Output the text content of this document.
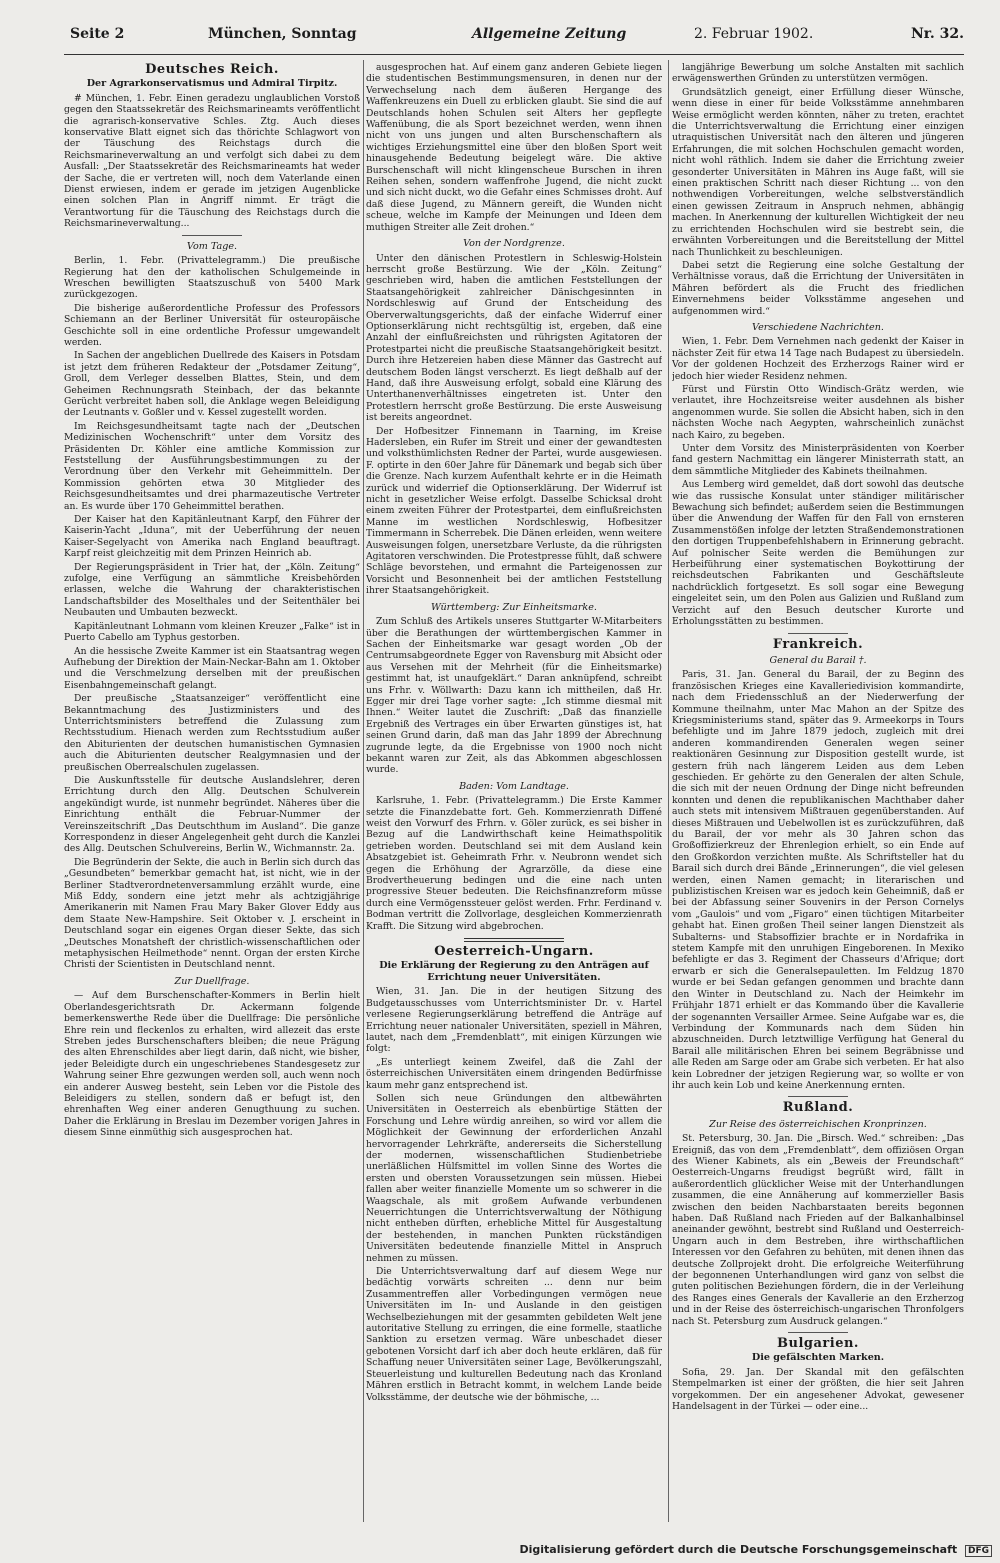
Seite 2	München, Sonntag	Allgemeine Zeitung	2. Februar 1902.	Nr. 32.
Deutsches Reich.
Der Agrarkonservatismus und Admiral Tirpitz.

# München, 1. Febr. Einen geradezu unglaublichen Vorstoß gegen den Staatssekretär des Reichsmarineamts veröffentlicht die agrarisch-konservative Schles. Ztg. Auch dieses konservative Blatt eignet sich das thörichte Schlagwort von der Täuschung des Reichstags durch die Reichsmarineverwaltung an und verfolgt sich dabei zu dem Ausfall: „Der Staatssekretär des Reichsmarineamts hat weder der Sache, die er vertreten will, noch dem Vaterlande einen Dienst erwiesen, indem er gerade im jetzigen Augenblicke einen solchen Plan in Angriff nimmt. Er trägt die Verantwortung für die Täuschung des Reichstags durch die Reichsmarineverwaltung...

Vom Tage.

Berlin, 1. Febr. (Privattelegramm.) Die preußische Regierung hat den der katholischen Schulgemeinde in Wreschen bewilligten Staatszuschuß von 5400 Mark zurückgezogen.

Die bisherige außerordentliche Professur des Professors Schiemann an der Berliner Universität für osteuropäische Geschichte soll in eine ordentliche Professur umgewandelt werden.

In Sachen der angeblichen Duellrede des Kaisers in Potsdam ist jetzt dem früheren Redakteur der „Potsdamer Zeitung“, Groll, dem Verleger desselben Blattes, Stein, und dem Geheimen Rechnungsrath Steinbach, der das bekannte Gerücht verbreitet haben soll, die Anklage wegen Beleidigung der Leutnants v. Goßler und v. Kessel zugestellt worden.

Im Reichsgesundheitsamt tagte nach der „Deutschen Medizinischen Wochenschrift“ unter dem Vorsitz des Präsidenten Dr. Köhler eine amtliche Kommission zur Feststellung der Ausführungsbestimmungen zu der Verordnung über den Verkehr mit Geheimmitteln. Der Kommission gehörten etwa 30 Mitglieder des Reichsgesundheitsamtes und drei pharmazeutische Vertreter an. Es wurde über 170 Geheimmittel berathen.

Der Kaiser hat den Kapitänleutnant Karpf, den Führer der Kaiserin-Yacht „Iduna“, mit der Ueberführung der neuen Kaiser-Segelyacht von Amerika nach England beauftragt. Karpf reist gleichzeitig mit dem Prinzen Heinrich ab.

Der Regierungspräsident in Trier hat, der „Köln. Zeitung“ zufolge, eine Verfügung an sämmtliche Kreisbehörden erlassen, welche die Wahrung der charakteristischen Landschaftsbilder des Moselthales und der Seitenthäler bei Neubauten und Umbauten bezweckt.

Kapitänleutnant Lohmann vom kleinen Kreuzer „Falke“ ist in Puerto Cabello am Typhus gestorben.

An die hessische Zweite Kammer ist ein Staatsantrag wegen Aufhebung der Direktion der Main-Neckar-Bahn am 1. Oktober und die Verschmelzung derselben mit der preußischen Eisenbahngemeinschaft gelangt.

Der preußische „Staatsanzeiger“ veröffentlicht eine Bekanntmachung des Justizministers und des Unterrichtsministers betreffend die Zulassung zum Rechtsstudium. Hienach werden zum Rechtsstudium außer den Abiturienten der deutschen humanistischen Gymnasien auch die Abiturienten deutscher Realgymnasien und der preußischen Oberrealschulen zugelassen.

Die Auskunftsstelle für deutsche Auslandslehrer, deren Errichtung durch den Allg. Deutschen Schulverein angekündigt wurde, ist nunmehr begründet. Näheres über die Einrichtung enthält die Februar-Nummer der Vereinszeitschrift „Das Deutschthum im Ausland“. Die ganze Korrespondenz in dieser Angelegenheit geht durch die Kanzlei des Allg. Deutschen Schulvereins, Berlin W., Wichmannstr. 2a.

Die Begründerin der Sekte, die auch in Berlin sich durch das „Gesundbeten“ bemerkbar gemacht hat, ist nicht, wie in der Berliner Stadtverordnetenversammlung erzählt wurde, eine Miß Eddy, sondern eine jetzt mehr als achtzigjährige Amerikanerin mit Namen Frau Mary Baker Glover Eddy aus dem Staate New-Hampshire. Seit Oktober v. J. erscheint in Deutschland sogar ein eigenes Organ dieser Sekte, das sich „Deutsches Monatsheft der christlich-wissenschaftlichen oder metaphysischen Heilmethode“ nennt. Organ der ersten Kirche Christi der Scientisten in Deutschland nennt.

Zur Duellfrage.

— Auf dem Burschenschafter-Kommers in Berlin hielt Oberlandesgerichtsrath Dr. Ackermann folgende bemerkenswerthe Rede über die Duellfrage: Die persönliche Ehre rein und fleckenlos zu erhalten, wird allezeit das erste Streben jedes Burschenschafters bleiben; die neue Prägung des alten Ehrenschildes aber liegt darin, daß nicht, wie bisher, jeder Beleidigte durch ein ungeschriebenes Standesgesetz zur Wahrung seiner Ehre gezwungen werden soll, auch wenn noch ein anderer Ausweg besteht, sein Leben vor die Pistole des Beleidigers zu stellen, sondern daß er befugt ist, den ehrenhaften Weg einer anderen Genugthuung zu suchen. Daher die Erklärung in Breslau im Dezember vorigen Jahres in diesem Sinne einmüthig sich ausgesprochen hat.

ausgesprochen hat. Auf einem ganz anderen Gebiete liegen die studentischen Bestimmungsmensuren, in denen nur der Verwechselung nach dem äußeren Hergange des Waffenkreuzens ein Duell zu erblicken glaubt. Sie sind die auf Deutschlands hohen Schulen seit Alters her gepflegte Waffenübung, die als Sport bezeichnet werden, wenn ihnen nicht von uns jungen und alten Burschenschaftern als wichtiges Erziehungsmittel eine über den bloßen Sport weit hinausgehende Bedeutung beigelegt wäre. Die aktive Burschenschaft will nicht klingenscheue Burschen in ihren Reihen sehen, sondern waffenfrohe Jugend, die nicht zuckt und sich nicht duckt, wo die Gefahr eines Schmisses droht. Auf daß diese Jugend, zu Männern gereift, die Wunden nicht scheue, welche im Kampfe der Meinungen und Ideen dem muthigen Streiter alle Zeit drohen.“

Von der Nordgrenze.

Unter den dänischen Protestlern in Schleswig-Holstein herrscht große Bestürzung. Wie der „Köln. Zeitung“ geschrieben wird, haben die amtlichen Feststellungen der Staatsangehörigkeit zahlreicher Dänischgesinnten in Nordschleswig auf Grund der Entscheidung des Oberverwaltungsgerichts, daß der einfache Widerruf einer Optionserklärung nicht rechtsgültig ist, ergeben, daß eine Anzahl der einflußreichsten und rührigsten Agitatoren der Protestpartei nicht die preußische Staatsangehörigkeit besitzt. Durch ihre Hetzereien haben diese Männer das Gastrecht auf deutschem Boden längst verscherzt. Es liegt deßhalb auf der Hand, daß ihre Ausweisung erfolgt, sobald eine Klärung des Unterthanenverhältnisses eingetreten ist. Unter den Protestlern herrscht große Bestürzung. Die erste Ausweisung ist bereits angeordnet.

Der Hofbesitzer Finnemann in Taarning, im Kreise Hadersleben, ein Rufer im Streit und einer der gewandtesten und volksthümlichsten Redner der Partei, wurde ausgewiesen. F. optirte in den 60er Jahre für Dänemark und begab sich über die Grenze. Nach kurzem Aufenthalt kehrte er in die Heimath zurück und widerrief die Optionserklärung. Der Widerruf ist nicht in gesetzlicher Weise erfolgt. Dasselbe Schicksal droht einem zweiten Führer der Protestpartei, dem einflußreichsten Manne im westlichen Nordschleswig, Hofbesitzer Timmermann in Scherrebek. Die Dänen erleiden, wenn weitere Ausweisungen folgen, unersetzbare Verluste, da die rührigsten Agitatoren verschwinden. Die Protestpresse fühlt, daß schwere Schläge bevorstehen, und ermahnt die Parteigenossen zur Vorsicht und Besonnenheit bei der amtlichen Feststellung ihrer Staatsangehörigkeit.

Württemberg: Zur Einheitsmarke.

Zum Schluß des Artikels unseres Stuttgarter W-Mitarbeiters über die Berathungen der württembergischen Kammer in Sachen der Einheitsmarke war gesagt worden „Ob der Centrumsabgeordnete Egger von Ravensburg mit Absicht oder aus Versehen mit der Mehrheit (für die Einheitsmarke) gestimmt hat, ist unaufgeklärt.“ Daran anknüpfend, schreibt uns Frhr. v. Wöllwarth: Dazu kann ich mittheilen, daß Hr. Egger mir drei Tage vorher sagte: „Ich stimme diesmal mit Ihnen.“ Weiter lautet die Zuschrift: „Daß das finanzielle Ergebniß des Vertrages ein über Erwarten günstiges ist, hat seinen Grund darin, daß man das Jahr 1899 der Abrechnung zugrunde legte, da die Ergebnisse von 1900 noch nicht bekannt waren zur Zeit, als das Abkommen abgeschlossen wurde.

Baden: Vom Landtage.

Karlsruhe, 1. Febr. (Privattelegramm.) Die Erste Kammer setzte die Finanzdebatte fort. Geh. Kommerzienrath Diffené weist den Vorwurf des Frhrn. v. Göler zurück, es sei bisher in Bezug auf die Landwirthschaft keine Heimathspolitik getrieben worden. Deutschland sei mit dem Ausland kein Absatzgebiet ist. Geheimrath Frhr. v. Neubronn wendet sich gegen die Erhöhung der Agrarzölle, da diese eine Brodvertheuerung bedingen und die eine nach unten progressive Steuer bedeuten. Die Reichsfinanzreform müsse durch eine Vermögenssteuer gelöst werden. Frhr. Ferdinand v. Bodman vertritt die Zollvorlage, desgleichen Kommerzienrath Krafft. Die Sitzung wird abgebrochen.

Oesterreich-Ungarn.
Die Erklärung der Regierung zu den Anträgen auf Errichtung neuer Universitäten.

Wien, 31. Jan. Die in der heutigen Sitzung des Budgetausschusses vom Unterrichtsminister Dr. v. Hartel verlesene Regierungserklärung betreffend die Anträge auf Errichtung neuer nationaler Universitäten, speziell in Mähren, lautet, nach dem „Fremdenblatt“, mit einigen Kürzungen wie folgt:

„Es unterliegt keinem Zweifel, daß die Zahl der österreichischen Universitäten einem dringenden Bedürfnisse kaum mehr ganz entsprechend ist.

Sollen sich neue Gründungen den altbewährten Universitäten in Oesterreich als ebenbürtige Stätten der Forschung und Lehre würdig anreihen, so wird vor allem die Möglichkeit der Gewinnung der erforderlichen Anzahl hervorragender Lehrkräfte, andererseits die Sicherstellung der modernen, wissenschaftlichen Studienbetriebe unerläßlichen Hülfsmittel im vollen Sinne des Wortes die ersten und obersten Voraussetzungen sein müssen. Hiebei fallen aber weiter finanzielle Momente um so schwerer in die Waagschale, als mit großem Aufwande verbundenen Neuerrichtungen die Unterrichtsverwaltung der Nöthigung nicht entheben dürften, erhebliche Mittel für Ausgestaltung der bestehenden, in manchen Punkten rückständigen Universitäten bedeutende finanzielle Mittel in Anspruch nehmen zu müssen.

Die Unterrichtsverwaltung darf auf diesem Wege nur bedächtig vorwärts schreiten ... denn nur beim Zusammentreffen aller Vorbedingungen vermögen neue Universitäten im In- und Auslande in den geistigen Wechselbeziehungen mit der gesammten gebildeten Welt jene autoritative Stellung zu erringen, die eine formelle, staatliche Sanktion zu ersetzen vermag. Wäre unbeschadet dieser gebotenen Vorsicht darf ich aber doch heute erklären, daß für Schaffung neuer Universitäten seiner Lage, Bevölkerungszahl, Steuerleistung und kulturellen Bedeutung nach das Kronland Mähren erstlich in Betracht kommt, in welchem Lande beide Volksstämme, der deutsche wie der böhmische, ...

langjährige Bewerbung um solche Anstalten mit sachlich erwägenswerthen Gründen zu unterstützen vermögen.

Grundsätzlich geneigt, einer Erfüllung dieser Wünsche, wenn diese in einer für beide Volksstämme annehmbaren Weise ermöglicht werden könnten, näher zu treten, erachtet die Unterrichtsverwaltung die Errichtung einer einzigen utraquistischen Universität nach den älteren und jüngeren Erfahrungen, die mit solchen Hochschulen gemacht worden, nicht wohl räthlich. Indem sie daher die Errichtung zweier gesonderter Universitäten in Mähren ins Auge faßt, will sie einen praktischen Schritt nach dieser Richtung ... von den nothwendigen Vorbereitungen, welche selbstverständlich einen gewissen Zeitraum in Anspruch nehmen, abhängig machen. In Anerkennung der kulturellen Wichtigkeit der neu zu errichtenden Hochschulen wird sie bestrebt sein, die erwähnten Vorbereitungen und die Bereitstellung der Mittel nach Thunlichkeit zu beschleunigen.

Dabei setzt die Regierung eine solche Gestaltung der Verhältnisse voraus, daß die Errichtung der Universitäten in Mähren befördert als die Frucht des friedlichen Einvernehmens beider Volksstämme angesehen und aufgenommen wird.“

Verschiedene Nachrichten.

Wien, 1. Febr. Dem Vernehmen nach gedenkt der Kaiser in nächster Zeit für etwa 14 Tage nach Budapest zu übersiedeln. Vor der goldenen Hochzeit des Erzherzogs Rainer wird er jedoch hier wieder Residenz nehmen.

Fürst und Fürstin Otto Windisch-Grätz werden, wie verlautet, ihre Hochzeitsreise weiter ausdehnen als bisher angenommen wurde. Sie sollen die Absicht haben, sich in den nächsten Woche nach Aegypten, wahrscheinlich zunächst nach Kairo, zu begeben.

Unter dem Vorsitz des Ministerpräsidenten von Koerber fand gestern Nachmittag ein längerer Ministerrath statt, an dem sämmtliche Mitglieder des Kabinets theilnahmen.

Aus Lemberg wird gemeldet, daß dort sowohl das deutsche wie das russische Konsulat unter ständiger militärischer Bewachung sich befindet; außerdem seien die Bestimmungen über die Anwendung der Waffen für den Fall von ernsteren Zusammenstößen infolge der letzten Straßendemonstrationen den dortigen Truppenbefehlshabern in Erinnerung gebracht. Auf polnischer Seite werden die Bemühungen zur Herbeiführung einer systematischen Boykottirung der reichsdeutschen Fabrikanten und Geschäftsleute nachdrücklich fortgesetzt. Es soll sogar eine Bewegung eingeleitet sein, um den Polen aus Galizien und Rußland zum Verzicht auf den Besuch deutscher Kurorte und Erholungsstätten zu bestimmen.

Frankreich.
General du Barail †.

Paris, 31. Jan. General du Barail, der zu Beginn des französischen Krieges eine Kavalleriedivision kommandirte, nach dem Friedensschluß an der Niederwerfung der Kommune theilnahm, unter Mac Mahon an der Spitze des Kriegsministeriums stand, später das 9. Armeekorps in Tours befehligte und im Jahre 1879 jedoch, zugleich mit drei anderen kommandirenden Generalen wegen seiner reaktionären Gesinnung zur Disposition gestellt wurde, ist gestern früh nach längerem Leiden aus dem Leben geschieden. Er gehörte zu den Generalen der alten Schule, die sich mit der neuen Ordnung der Dinge nicht befreunden konnten und denen die republikanischen Machthaber daher auch stets mit intensivem Mißtrauen gegenüberstanden. Auf dieses Mißtrauen und Uebelwollen ist es zurückzuführen, daß du Barail, der vor mehr als 30 Jahren schon das Großoffizierkreuz der Ehrenlegion erhielt, so ein Ende auf den Großkordon verzichten mußte. Als Schriftsteller hat du Barail sich durch drei Bände „Erinnerungen“, die viel gelesen werden, einen Namen gemacht; in literarischen und publizistischen Kreisen war es jedoch kein Geheimniß, daß er bei der Abfassung seiner Souvenirs in der Person Cornelys vom „Gaulois“ und vom „Figaro“ einen tüchtigen Mitarbeiter gehabt hat. Einen großen Theil seiner langen Dienstzeit als Subalterns- und Stabsoffizier brachte er in Nordafrika in stetem Kampfe mit den unruhigen Eingeborenen. In Mexiko befehligte er das 3. Regiment der Chasseurs d'Afrique; dort erwarb er sich die Generalsepauletten. Im Feldzug 1870 wurde er bei Sedan gefangen genommen und brachte dann den Winter in Deutschland zu. Nach der Heimkehr im Frühjahr 1871 erhielt er das Kommando über die Kavallerie der sogenannten Versailler Armee. Seine Aufgabe war es, die Verbindung der Kommunards nach dem Süden hin abzuschneiden. Durch letztwillige Verfügung hat General du Barail alle militärischen Ehren bei seinem Begräbnisse und alle Reden am Sarge oder am Grabe sich verbeten. Er hat also kein Lobredner der jetzigen Regierung war, so wollte er von ihr auch kein Lob und keine Anerkennung ernten.

Rußland.
Zur Reise des österreichischen Kronprinzen.

St. Petersburg, 30. Jan. Die „Birsch. Wed.“ schreiben: „Das Ereigniß, das von dem „Fremdenblatt“, dem offiziösen Organ des Wiener Kabinets, als ein „Beweis der Freundschaft“ Oesterreich-Ungarns freudigst begrüßt wird, fällt in außerordentlich glücklicher Weise mit der Unterhandlungen zusammen, die eine Annäherung auf kommerzieller Basis zwischen den beiden Nachbarstaaten bereits begonnen haben. Daß Rußland nach Frieden auf der Balkanhalbinsel aneinander gewöhnt, bestrebt sind Rußland und Oesterreich-Ungarn auch in dem Bestreben, ihre wirthschaftlichen Interessen vor den Gefahren zu behüten, mit denen ihnen das deutsche Zollprojekt droht. Die erfolgreiche Weiterführung der begonnenen Unterhandlungen wird ganz von selbst die guten politischen Beziehungen fördern, die in der Verleihung des Ranges eines Generals der Kavallerie an den Erzherzog und in der Reise des österreichisch-ungarischen Thronfolgers nach St. Petersburg zum Ausdruck gelangen.“

Bulgarien.
Die gefälschten Marken.

Sofia, 29. Jan. Der Skandal mit den gefälschten Stempelmarken ist einer der größten, die hier seit Jahren vorgekommen. Der ein angesehener Advokat, gewesener Handelsagent in der Türkei — oder eine...

Digitalisierung gefördert durch die Deutsche Forschungsgemeinschaft DFG
